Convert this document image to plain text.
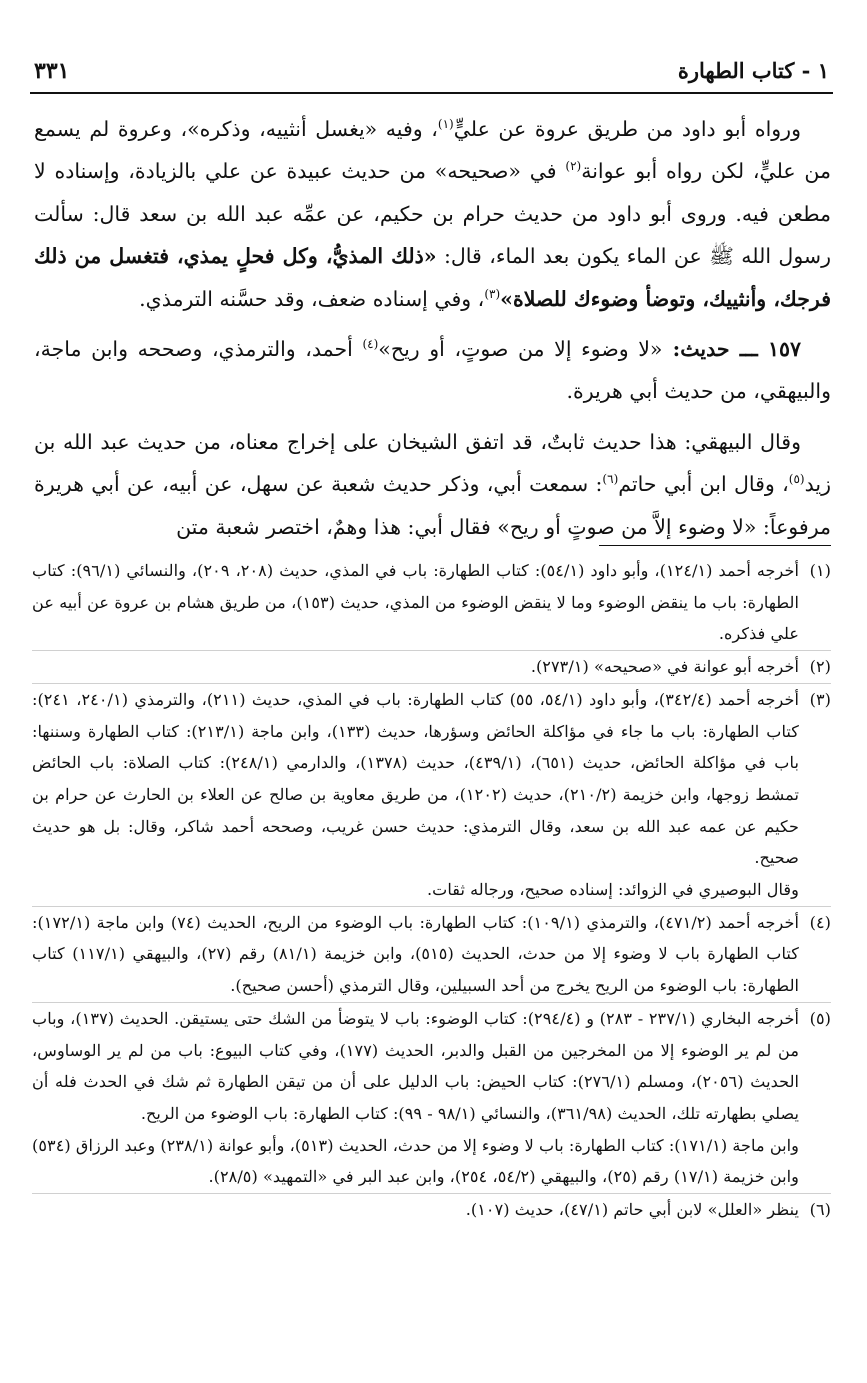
١ - كتاب الطهارة
٣٣١

ورواه أبو داود من طريق عروة عن عليٍّ$^{(١)}$، وفيه «يغسل أنثييه، وذكره»، وعروة لم يسمع من عليٍّ، لكن رواه أبو عوانة$^{(٢)}$ في «صحيحه» من حديث عبيدة عن علي بالزيادة، وإسناده لا مطعن فيه. وروى أبو داود من حديث حرام بن حكيم، عن عمِّه عبد الله بن سعد قال: سألت رسول الله ﷺ عن الماء يكون بعد الماء، قال: «ذلك المذيُّ، وكل فحلٍ يمذي، فتغسل من ذلك فرجك، وأنثييك، وتوضأ وضوءك للصلاة»$^{(٣)}$، وفي إسناده ضعف، وقد حسَّنه الترمذي.

١٥٧ ـــ حديث: «لا وضوء إلا من صوتٍ، أو ريح»$^{(٤)}$ أحمد، والترمذي، وصححه وابن ماجة، والبيهقي، من حديث أبي هريرة.

وقال البيهقي: هذا حديث ثابتٌ، قد اتفق الشيخان على إخراج معناه، من حديث عبد الله بن زيد$^{(٥)}$، وقال ابن أبي حاتم$^{(٦)}$: سمعت أبي، وذكر حديث شعبة عن سهل، عن أبيه، عن أبي هريرة مرفوعاً: «لا وضوء إلاَّ من صوتٍ أو ريح» فقال أبي: هذا وهمٌ، اختصر شعبة متن

(١)
أخرجه أحمد (١٢٤/١)، وأبو داود (٥٤/١): كتاب الطهارة: باب في المذي، حديث (٢٠٨، ٢٠٩)، والنسائي (٩٦/١): كتاب الطهارة: باب ما ينقض الوضوء وما لا ينقض الوضوء من المذي، حديث (١٥٣)، من طريق هشام بن عروة عن أبيه عن علي فذكره.
(٢)
أخرجه أبو عوانة في «صحيحه» (٢٧٣/١).
(٣)
أخرجه أحمد (٣٤٢/٤)، وأبو داود (٥٤/١، ٥٥) كتاب الطهارة: باب في المذي، حديث (٢١١)، والترمذي (٢٤٠/١، ٢٤١): كتاب الطهارة: باب ما جاء في مؤاكلة الحائض وسؤرها، حديث (١٣٣)، وابن ماجة (٢١٣/١): كتاب الطهارة وسننها: باب في مؤاكلة الحائض، حديث (٦٥١)، (٤٣٩/١)، حديث (١٣٧٨)، والدارمي (٢٤٨/١): كتاب الصلاة: باب الحائض تمشط زوجها، وابن خزيمة (٢١٠/٢)، حديث (١٢٠٢)، من طريق معاوية بن صالح عن العلاء بن الحارث عن حرام بن حكيم عن عمه عبد الله بن سعد، وقال الترمذي: حديث حسن غريب، وصححه أحمد شاكر، وقال: بل هو حديث صحيح.

وقال البوصيري في الزوائد: إسناده صحيح، ورجاله ثقات.

(٤)
أخرجه أحمد (٤٧١/٢)، والترمذي (١٠٩/١): كتاب الطهارة: باب الوضوء من الريح، الحديث (٧٤) وابن ماجة (١٧٢/١): كتاب الطهارة باب لا وضوء إلا من حدث، الحديث (٥١٥)، وابن خزيمة (٨١/١) رقم (٢٧)، والبيهقي (١١٧/١) كتاب الطهارة: باب الوضوء من الريح يخرج من أحد السبيلين، وقال الترمذي (أحسن صحيح).
(٥)
أخرجه البخاري (٢٣٧/١ - ٢٨٣) و (٢٩٤/٤): كتاب الوضوء: باب لا يتوضأ من الشك حتى يستيقن. الحديث (١٣٧)، وباب من لم ير الوضوء إلا من المخرجين من القبل والدبر، الحديث (١٧٧)، وفي كتاب البيوع: باب من لم ير الوساوس، الحديث (٢٠٥٦)، ومسلم (٢٧٦/١): كتاب الحيض: باب الدليل على أن من تيقن الطهارة ثم شك في الحدث فله أن يصلي بطهارته تلك، الحديث (٣٦١/٩٨)، والنسائي (٩٨/١ - ٩٩): كتاب الطهارة: باب الوضوء من الريح.

وابن ماجة (١٧١/١): كتاب الطهارة: باب لا وضوء إلا من حدث، الحديث (٥١٣)، وأبو عوانة (٢٣٨/١) وعبد الرزاق (٥٣٤) وابن خزيمة (١٧/١) رقم (٢٥)، والبيهقي (٥٤/٢، ٢٥٤)، وابن عبد البر في «التمهيد» (٢٨/٥).

(٦)
ينظر «العلل» لابن أبي حاتم (٤٧/١)، حديث (١٠٧).
